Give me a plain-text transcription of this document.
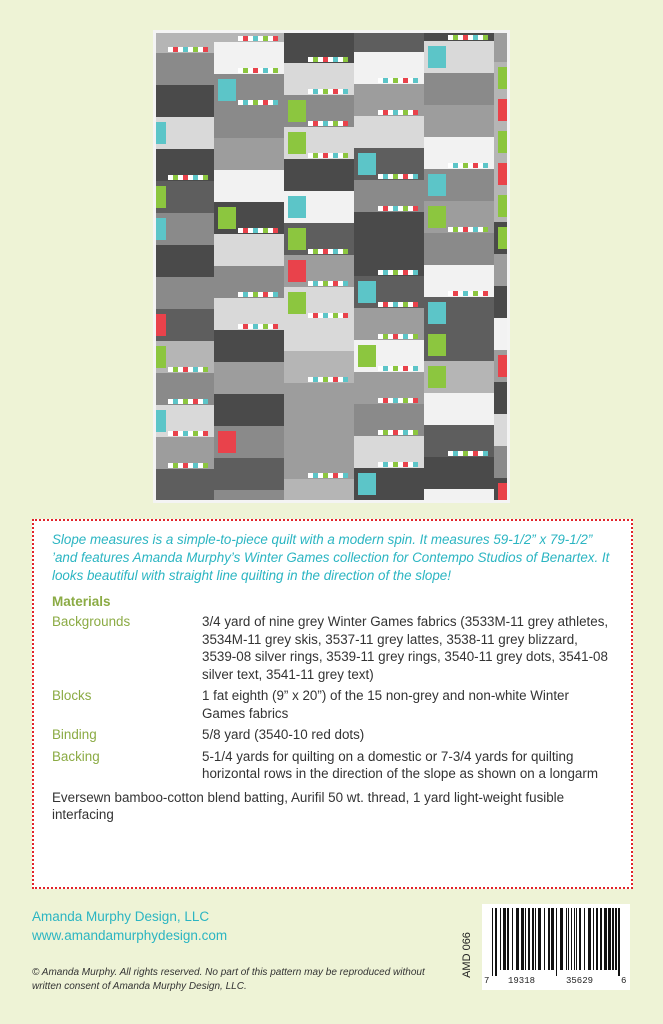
Slope measures is a simple-to-piece quilt with a modern spin. It measures 59-1/2” x 79-1/2” ’and features Amanda Murphy’s Winter Games collection for Contempo Studios of Benartex. It looks beautiful with straight line quilting in the direction of the slope!

Materials
Backgrounds	3/4 yard of nine grey Winter Games fabrics (3533M-11 grey athletes, 3534M-11 grey skis, 3537-11 grey lattes, 3538-11 grey blizzard, 3539-08 silver rings, 3539-11 grey rings, 3540-11 grey dots, 3541-08 silver text, 3541-11 grey text)
Blocks	1 fat eighth (9” x 20”) of the 15 non-grey and non-white Winter Games fabrics
Binding	5/8 yard (3540-10 red dots)
Backing	5-1/4 yards for quilting on a domestic or 7-3/4 yards for quilting horizontal rows in the direction of the slope as shown on a longarm
Eversewn bamboo-cotton blend batting, Aurifil 50 wt. thread, 1 yard light-weight fusible interfacing
Amanda Murphy Design, LLC
www.amandamurphydesign.com
© Amanda Murphy. All rights reserved. No part of this pattern may be reproduced without written consent of Amanda Murphy Design, LLC.
AMD 066
7 19318	35629	6
